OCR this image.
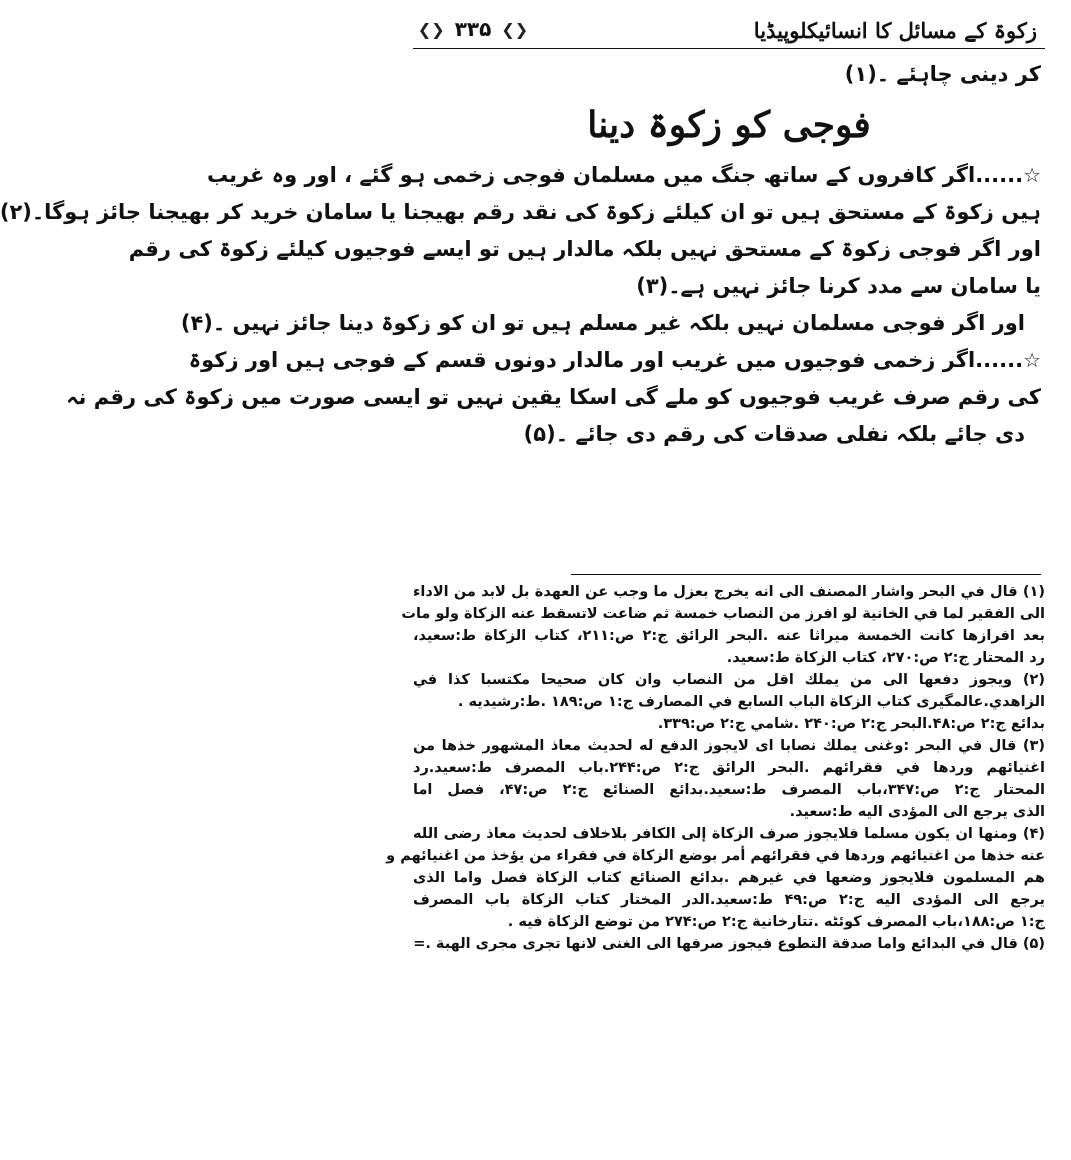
زکوۃ کے مسائل کا انسائیکلوپیڈیا
❮❯ ۳۳۵ ❮❯
کر دینی چاہئے ۔(۱)
فوجی کو زکوۃ دینا
☆......اگر کافروں کے ساتھ جنگ میں مسلمان فوجی زخمی ہو گئے ، اور وہ غریب
ہیں زکوۃ کے مستحق ہیں تو ان کیلئے زکوۃ کی نقد رقم بھیجنا یا سامان خرید کر بھیجنا جائز ہوگا۔(۲)
اور اگر فوجی زکوۃ کے مستحق نہیں بلکہ مالدار ہیں تو ایسے فوجیوں کیلئے زکوۃ کی رقم
یا سامان سے مدد کرنا جائز نہیں ہے۔(۳)
اور اگر فوجی مسلمان نہیں بلکہ غیر مسلم ہیں تو ان کو زکوۃ دینا جائز نہیں ۔(۴)
☆......اگر زخمی فوجیوں میں غریب اور مالدار دونوں قسم کے فوجی ہیں اور زکوۃ
کی رقم صرف غریب فوجیوں کو ملے گی اسکا یقین نہیں تو ایسی صورت میں زکوۃ کی رقم نہ
دی جائے بلکہ نفلی صدقات کی رقم دی جائے ۔(۵)
(۱) قال في البحر واشار المصنف الى انه يخرج بعزل ما وجب عن العهدة بل لابد من الاداء
الى الفقير لما في الخانية لو افرز من النصاب خمسة ثم ضاعت لاتسقط عنه الزكاة ولو مات
بعد افرازها كانت الخمسة ميراثا عنه .البحر الرائق ج:۲ ص:۲۱۱، كتاب الزكاة ط:سعيد،
رد المحتار ج:۲ ص:۲۷۰، كتاب الزكاة ط:سعيد.
(۲) ويجوز دفعها الى من يملك اقل من النصاب وان كان صحيحا مكتسبا كذا في
الزاهدي.عالمگیری كتاب الزكاة الباب السابع في المصارف ج:۱ ص:۱۸۹ .ط:رشيديه .
بدائع ج:۲ ص:۴۸.البحر ج:۲ ص:۲۴۰ .شامي ج:۲ ص:۳۳۹.
(۳) قال في البحر :وغنى يملك نصابا اى لايجوز الدفع له لحديث معاذ المشهور خذها من
اغنيائهم وردها في فقرائهم .البحر الرائق ج:۲ ص:۲۴۴.باب المصرف ط:سعيد.رد
المحتار ج:۲ ص:۳۴۷،باب المصرف ط:سعيد.بدائع الصنائع ج:۲ ص:۴۷، فصل اما
الذى يرجع الى المؤدى اليه ط:سعيد.
(۴) ومنها ان يكون مسلما فلايجوز صرف الزكاة إلى الكافر بلاخلاف لحديث معاذ رضى الله
عنه خذها من اغنيائهم وردها في فقرائهم أمر بوضع الزكاة في فقراء من يؤخذ من اغنيائهم و
هم المسلمون فلايجوز وضعها في غيرهم .بدائع الصنائع كتاب الزكاة فصل واما الذى
يرجع الى المؤدى اليه ج:۲ ص:۴۹ ط:سعيد.الدر المختار كتاب الزكاة باب المصرف
ج:۱ ص:۱۸۸،باب المصرف كوئٹه .تتارخانية ج:۲ ص:۲۷۴ من توضع الزكاة فيه .
(۵) قال في البدائع واما صدقة التطوع فيجوز صرفها الى الغنى لانها تجرى مجرى الهبة .=
